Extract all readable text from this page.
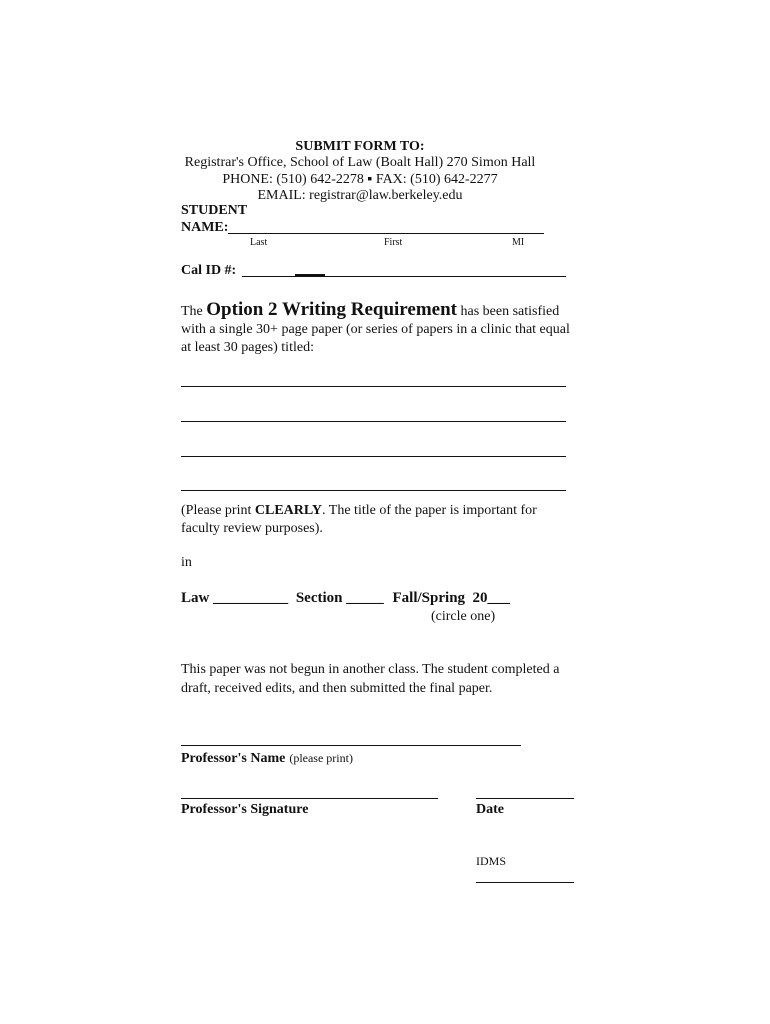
SUBMIT FORM TO:
Registrar's Office, School of Law (Boalt Hall) 270 Simon Hall
PHONE: (510) 642-2278 ▪ FAX: (510) 642-2277
EMAIL: registrar@law.berkeley.edu
STUDENT
NAME:
Last	First	MI
Cal ID #:
The Option 2 Writing Requirement has been satisfied
with a single 30+ page paper (or series of papers in a clinic that equal
at least 30 pages) titled:
(Please print CLEARLY. The title of the paper is important for
faculty review purposes).
in
Law __________ Section _____ Fall/Spring  20___
(circle one)
This paper was not begun in another class. The student completed a
draft, received edits, and then submitted the final paper.
Professor's Name (please print)
Professor's Signature	Date
IDMS
